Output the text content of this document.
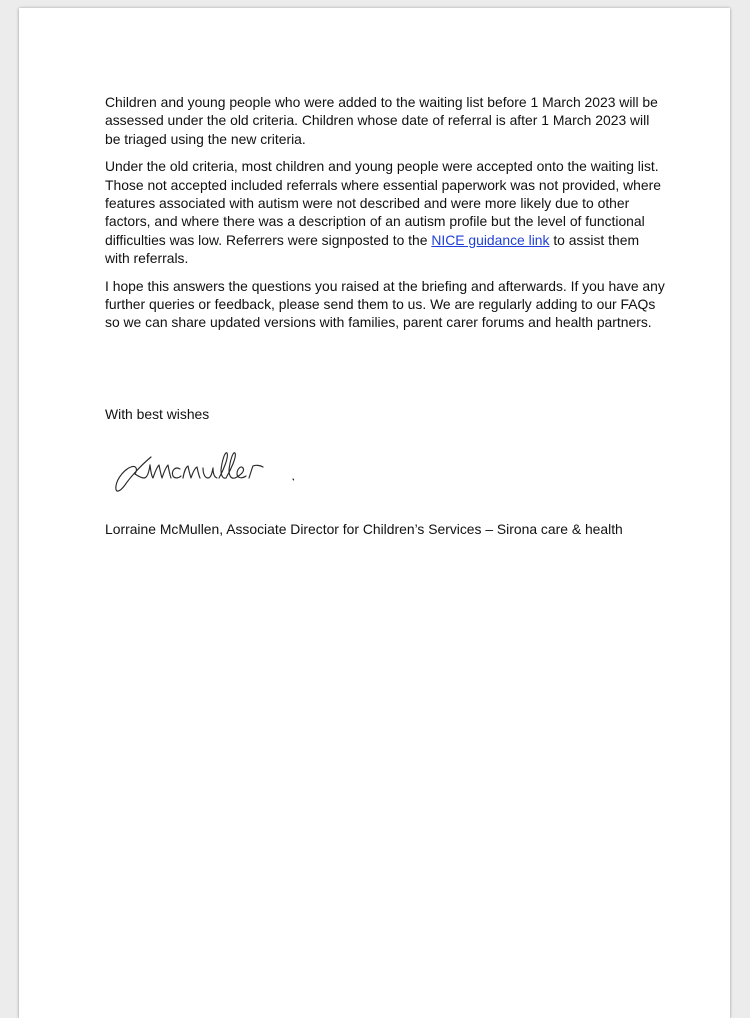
Children and young people who were added to the waiting list before 1 March 2023 will be assessed under the old criteria. Children whose date of referral is after 1 March 2023 will be triaged using the new criteria.

Under the old criteria, most children and young people were accepted onto the waiting list. Those not accepted included referrals where essential paperwork was not provided, where features associated with autism were not described and were more likely due to other factors, and where there was a description of an autism profile but the level of functional difficulties was low. Referrers were signposted to the NICE guidance link to assist them with referrals.

I hope this answers the questions you raised at the briefing and afterwards. If you have any further queries or feedback, please send them to us. We are regularly adding to our FAQs so we can share updated versions with families, parent carer forums and health partners.

With best wishes
Lorraine McMullen, Associate Director for Children’s Services – Sirona care & health
